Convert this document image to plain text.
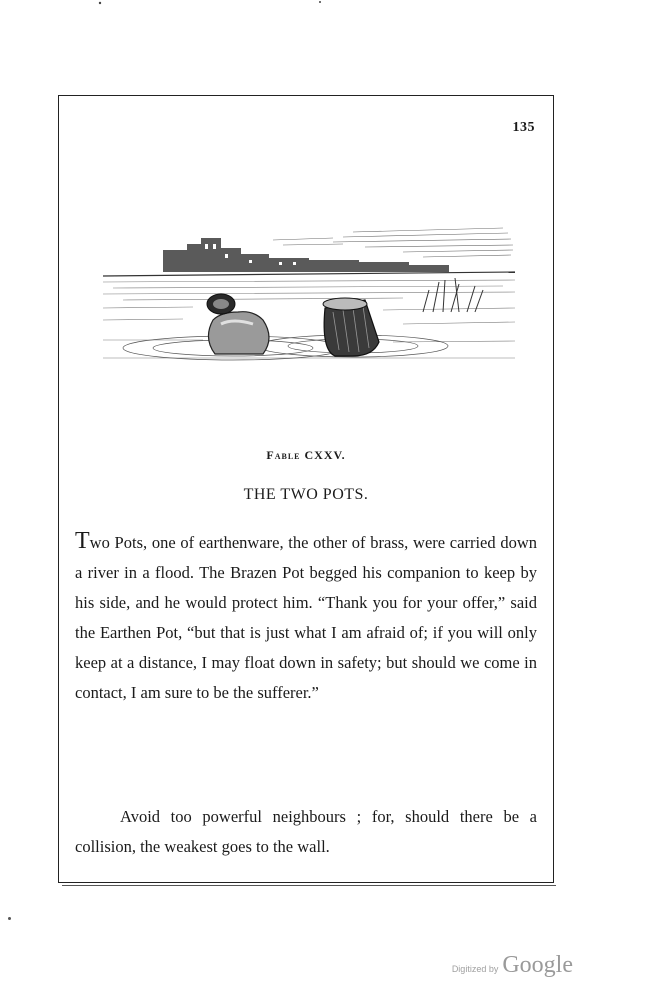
135
Fable CXXV.
THE TWO POTS.

Two Pots, one of earthenware, the other of brass, were carried down a river in a flood. The Brazen Pot begged his companion to keep by his side, and he would protect him. “Thank you for your offer,” said the Earthen Pot, “but that is just what I am afraid of; if you will only keep at a distance, I may float down in safety; but should we come in contact, I am sure to be the sufferer.”

Avoid too powerful neighbours ; for, should there be a collision, the weakest goes to the wall.

Digitized by Google
